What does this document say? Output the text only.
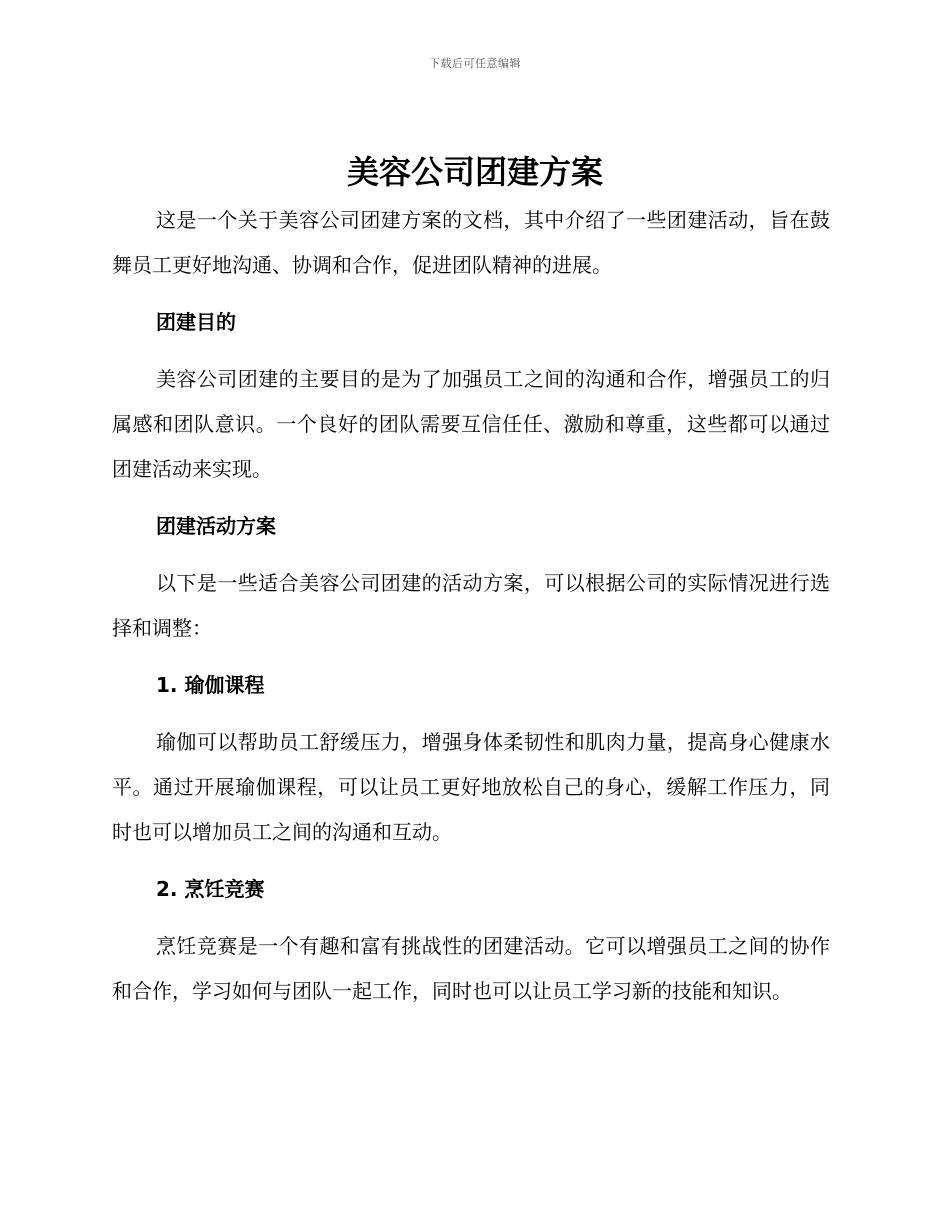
下载后可任意编辑
美容公司团建方案

这是一个关于美容公司团建方案的文档，其中介绍了一些团建活动，旨在鼓舞员工更好地沟通、协调和合作，促进团队精神的进展。

团建目的

美容公司团建的主要目的是为了加强员工之间的沟通和合作，增强员工的归属感和团队意识。一个良好的团队需要互信任任、激励和尊重，这些都可以通过团建活动来实现。

团建活动方案

以下是一些适合美容公司团建的活动方案，可以根据公司的实际情况进行选择和调整：

1. 瑜伽课程

瑜伽可以帮助员工舒缓压力，增强身体柔韧性和肌肉力量，提高身心健康水平。通过开展瑜伽课程，可以让员工更好地放松自己的身心，缓解工作压力，同时也可以增加员工之间的沟通和互动。

2. 烹饪竞赛

烹饪竞赛是一个有趣和富有挑战性的团建活动。它可以增强员工之间的协作和合作，学习如何与团队一起工作，同时也可以让员工学习新的技能和知识。
